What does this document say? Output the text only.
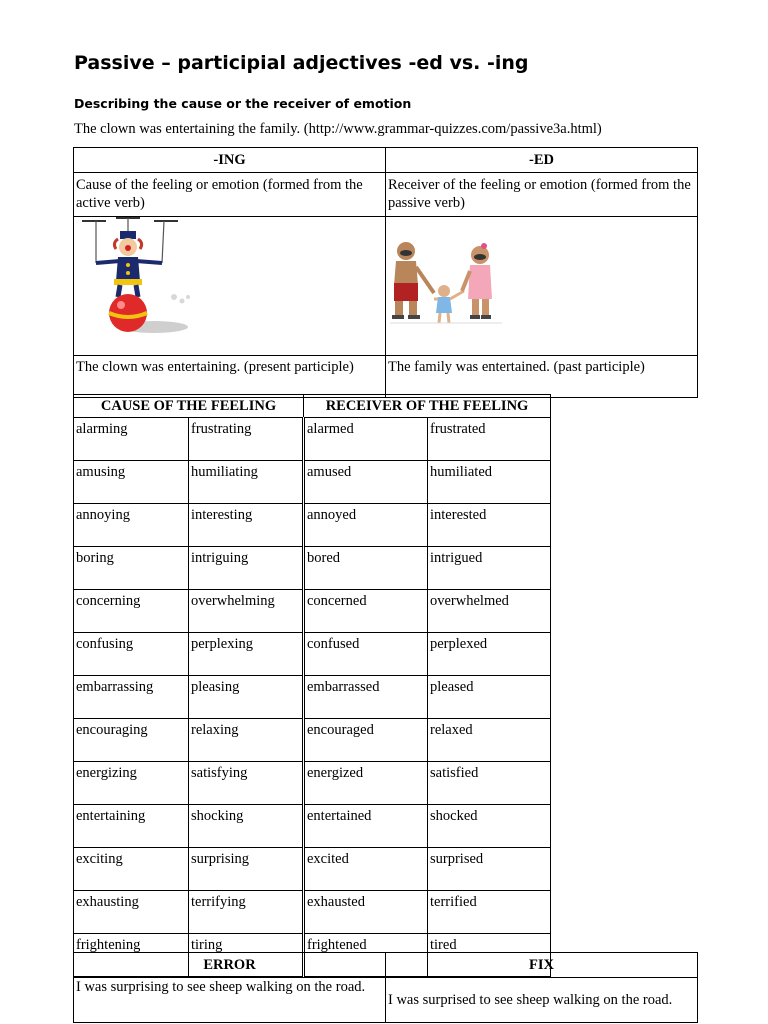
Passive – participial adjectives -ed vs. -ing
Describing the cause or the receiver of emotion

The clown was entertaining the family. (http://www.grammar-quizzes.com/passive3a.html)

-ING	-ED
Cause of the feeling or emotion (formed from the active verb)	Receiver of the feeling or emotion (formed from the passive verb)

The clown was entertaining. (present participle)	The family was entertained. (past participle)
CAUSE OF THE FEELING		RECEIVER OF THE FEELING	
alarming	frustrating	alarmed	frustrated
amusing	humiliating	amused	humiliated
annoying	interesting	annoyed	interested
boring	intriguing	bored	intrigued
concerning	overwhelming	concerned	overwhelmed
confusing	perplexing	confused	perplexed
embarrassing	pleasing	embarrassed	pleased
encouraging	relaxing	encouraged	relaxed
energizing	satisfying	energized	satisfied
entertaining	shocking	entertained	shocked
exciting	surprising	excited	surprised
exhausting	terrifying	exhausted	terrified
frightening	tiring	frightened	tired
ERROR	FIX
I was surprising to see sheep walking on the road.	I was surprised to see sheep walking on the road.
